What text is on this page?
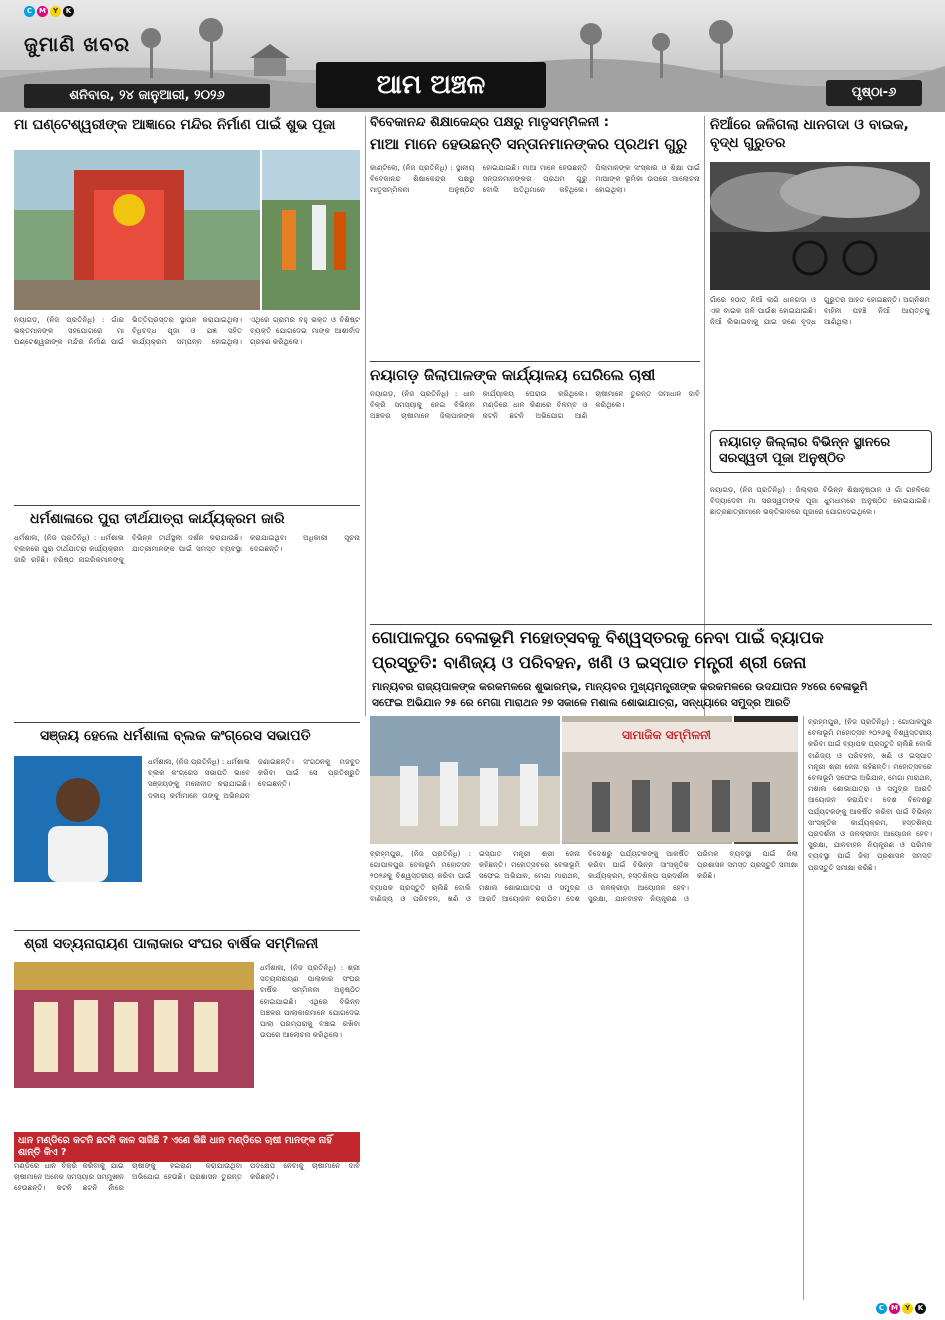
C M Y	K
ଜୁମାଣି ଖବର
ଶନିବାର, ୨୪ ଜାନୁଆରୀ, ୨୦୨୬	ଆମ ଅଞ୍ଚଳ	ପୃଷ୍ଠା-୬
ମା ଘଣ୍ଟେଶ୍ୱରୀଙ୍କ ଆଜ୍ଞାରେ ମନ୍ଦିର ନିର୍ମାଣ ପାଇଁ ଶୁଭ ପୂଜା
ନୟାଗଡ଼, (ନିଜ ପ୍ରତିନିଧି) : ଗାଁର ଭକ୍ତମାନଙ୍କ ସହଯୋଗରେ ମା ଘଣ୍ଟେଶ୍ୱରୀଙ୍କ ମନ୍ଦିର ନିର୍ମାଣ ପାଇଁ ଭିତ୍ତିପ୍ରସ୍ତର ସ୍ଥାପନ କରାଯାଇଥିଲା। ବିଧିବଦ୍ଧ ପୂଜା ଓ ଯଜ୍ଞ ସହିତ କାର୍ଯ୍ୟକ୍ରମ ସମ୍ପନ୍ନ ହୋଇଥିଲା। ଏଥିରେ ଗ୍ରାମର ବହୁ ଭକ୍ତ ଓ ବିଶିଷ୍ଟ ବ୍ୟକ୍ତି ଯୋଗଦେଇ ମାଙ୍କ ଆଶୀର୍ବାଦ ଗ୍ରହଣ କରିଥିଲେ।
ବିବେକାନନ୍ଦ ଶିକ୍ଷାକେନ୍ଦ୍ର ପକ୍ଷରୁ ମାତୃସମ୍ମିଳନୀ :
ମାଆ ମାନେ ହେଉଛନ୍ତି ସନ୍ତାନମାନଙ୍କର ପ୍ରଥମ ଗୁରୁ
କାଣ୍ଟିଲୋ, (ନିଜ ପ୍ରତିନିଧି) : ସ୍ଥାନୀୟ ବିବେକାନନ୍ଦ ଶିକ୍ଷାକେନ୍ଦ୍ର ପକ୍ଷରୁ ମାତୃସମ୍ମିଳନୀ ଅନୁଷ୍ଠିତ ହୋଇଯାଇଛି। ମାଆ ମାନେ ହେଉଛନ୍ତି ସନ୍ତାନମାନଙ୍କର ପ୍ରଥମ ଗୁରୁ ବୋଲି ଅତିଥିମାନେ କହିଥିଲେ। ପିଲାମାନଙ୍କ ସଂସ୍କାର ଓ ଶିକ୍ଷା ପାଇଁ ମାଆଙ୍କ ଭୂମିକା ଉପରେ ଆଲୋଚନା ହୋଇଥିଲା।
ନିଆଁରେ ଜଳିଗଲା ଧାନଗଦା ଓ ବାଇକ, ବୃଦ୍ଧ ଗୁରୁତର
ଗାଁରେ ହଠାତ୍ ନିଆଁ ଲାଗି ଧାନଗଦା ଓ ଏକ ବାଇକ ଜଳି ପାଉଁଶ ହୋଇଯାଇଛି। ନିଆଁ ଲିଭାଇବାକୁ ଯାଇ ଜଣେ ବୃଦ୍ଧ ଗୁରୁତର ଆହତ ହୋଇଛନ୍ତି। ଅଗ୍ନିଶମ ବାହିନୀ ପହଞ୍ଚି ନିଆଁ ଆୟତ୍ତକୁ ଆଣିଥିଲା।
ନୟାଗଡ଼ ଜିଲାପାଳଙ୍କ କାର୍ଯ୍ୟାଳୟ ଘେରିଲେ ଚାଷୀ
ନୟାଗଡ଼, (ନିଜ ପ୍ରତିନିଧି) : ଧାନ ବିକ୍ରି ସମସ୍ୟାକୁ ନେଇ ବିଭିନ୍ନ ଅଞ୍ଚଳର ଚାଷୀମାନେ ଜିଲାପାଳଙ୍କ କାର୍ଯ୍ୟାଳୟ ଘେରାଉ କରିଥିଲେ। ମଣ୍ଡିରେ ଧାନ କିଣାରେ ବିଳମ୍ବ ଓ କଟନି ଛଟନି ଅଭିଯୋଗ ଆଣି ଚାଷୀମାନେ ତୁରନ୍ତ ସମାଧାନ ଦାବି କରିଥିଲେ।
ନୟାଗଡ଼ ଜିଲ୍ଲାର ବିଭିନ୍ନ ସ୍ଥାନରେ ସରସ୍ୱତୀ ପୂଜା ଅନୁଷ୍ଠିତ
ନୟାଗଡ଼, (ନିଜ ପ୍ରତିନିଧି) : ଜିଲ୍ଲାର ବିଭିନ୍ନ ଶିକ୍ଷାନୁଷ୍ଠାନ ଓ ଗାଁ ଗହଳିରେ ବିଦ୍ୟାଦେବୀ ମା ସରସ୍ୱତୀଙ୍କ ପୂଜା ଧୁମଧାମରେ ଅନୁଷ୍ଠିତ ହୋଇଯାଇଛି। ଛାତ୍ରଛାତ୍ରୀମାନେ ଭକ୍ତିଭାବରେ ପୂଜାରେ ଯୋଗଦେଇଥିଲେ।
ଧର୍ମଶାଳାରେ ପୁରା ତୀର୍ଥଯାତ୍ରା କାର୍ଯ୍ୟକ୍ରମ ଜାରି
ଧର୍ମଶାଳା, (ନିଜ ପ୍ରତିନିଧି) : ଧର୍ମଶାଳା ବ୍ଲକରେ ପୁରା ତୀର୍ଥଯାତ୍ରା କାର୍ଯ୍ୟକ୍ରମ ଜାରି ରହିଛି। ବରିଷ୍ଠ ନାଗରିକମାନଙ୍କୁ ବିଭିନ୍ନ ତୀର୍ଥସ୍ଥଳୀ ଦର୍ଶନ କରାଯାଉଛି। ଯାତ୍ରୀମାନଙ୍କ ପାଇଁ ସମସ୍ତ ବ୍ୟବସ୍ଥା କରାଯାଇଥିବା ଅଧିକାରୀ ସୂଚନା ଦେଇଛନ୍ତି।
ଗୋପାଳପୁର ବେଳାଭୂମି ମହୋତ୍ସବକୁ ବିଶ୍ୱସ୍ତରକୁ ନେବା ପାଇଁ ବ୍ୟାପକ
ପ୍ରସ୍ତୁତି: ବାଣିଜ୍ୟ ଓ ପରିବହନ, ଖଣି ଓ ଇସ୍ପାତ ମନ୍ତ୍ରୀ ଶ୍ରୀ ଜେନା
ମାନ୍ୟବର ରାଜ୍ୟପାଳଙ୍କ କରକମଳରେ ଶୁଭାରମ୍ଭ, ମାନ୍ୟବର ମୁଖ୍ୟମନ୍ତ୍ରୀଙ୍କ କରକମଳରେ ଉଦଯାପନ ୨୪ରେ ବେଳାଭୂମି
ସଫେଇ ଅଭିଯାନ ୨୫ ରେ ମେଗା ମାରାଥନ ୨୭ ସକାଳେ ମଶାଲ ଶୋଭାଯାତ୍ରା, ସନ୍ଧ୍ୟାରେ ସମୁଦ୍ର ଆରତି
ସଞ୍ଜୟ ହେଲେ ଧର୍ମଶାଳା ବ୍ଲକ କଂଗ୍ରେସ ସଭାପତି
ଧର୍ମଶାଳା, (ନିଜ ପ୍ରତିନିଧି) : ଧର୍ମଶାଳା ବ୍ଲକ କଂଗ୍ରେସ ସଭାପତି ଭାବେ ସଞ୍ଜୟଙ୍କୁ ମନୋନୀତ କରାଯାଇଛି। ଦଳୀୟ କର୍ମୀମାନେ ତାଙ୍କୁ ଅଭିନନ୍ଦନ ଜଣାଇଛନ୍ତି। ସଂଗଠନକୁ ମଜବୁତ କରିବା ପାଇଁ ସେ ପ୍ରତିଶ୍ରୁତି ଦେଇଛନ୍ତି।
ଶ୍ରୀ ସତ୍ୟନାରାୟଣ ପାଲାକାର ସଂଘର ବାର୍ଷିକ ସମ୍ମିଳନୀ
ଧର୍ମଶାଳା, (ନିଜ ପ୍ରତିନିଧି) : ଶ୍ରୀ ସତ୍ୟନାରାୟଣ ପାଲାକାର ସଂଘର ବାର୍ଷିକ ସମ୍ମିଳନୀ ଅନୁଷ୍ଠିତ ହୋଇଯାଇଛି। ଏଥିରେ ବିଭିନ୍ନ ଅଞ୍ଚଳର ପାଲାକାରମାନେ ଯୋଗଦେଇ ପାଲା ପରମ୍ପରାକୁ ବଞ୍ଚାଇ ରଖିବା ଉପରେ ଆଲୋଚନା କରିଥିଲେ।
ଧାନ ମଣ୍ଡିରେ କଟନି ଛଟନି କାଳ ସାଜିଛି ? ଏଣେ କିଛି ଧାନ ମଣ୍ଡିରେ ଚାଷୀ ମାନଙ୍କ ନାହିଁ ଶାନ୍ତି କିଏ ?
ମଣ୍ଡିରେ ଧାନ ବିକ୍ରି କରିବାକୁ ଯାଇ ଚାଷୀମାନେ ଅନେକ ସମସ୍ୟାର ସମ୍ମୁଖୀନ ହେଉଛନ୍ତି। କଟନି ଛଟନି ନାଁରେ ଚାଷୀଙ୍କୁ ହଇରାଣ କରାଯାଉଥିବା ଅଭିଯୋଗ ହେଉଛି। ପ୍ରଶାସନ ତୁରନ୍ତ ପଦକ୍ଷେପ ନେବାକୁ ଚାଷୀମାନେ ଦାବି କରିଛନ୍ତି।
ସାମାଜିକ ସମ୍ମିଳନୀ
ବ୍ରହ୍ମପୁର, (ନିଜ ପ୍ରତିନିଧି) : ଗୋପାଳପୁର ବେଳାଭୂମି ମହୋତ୍ସବ ୨୦୨୬କୁ ବିଶ୍ୱସ୍ତରୀୟ କରିବା ପାଇଁ ବ୍ୟାପକ ପ୍ରସ୍ତୁତି ଚାଲିଛି ବୋଲି ବାଣିଜ୍ୟ ଓ ପରିବହନ, ଖଣି ଓ ଇସ୍ପାତ ମନ୍ତ୍ରୀ ଶ୍ରୀ ଜେନା କହିଛନ୍ତି। ମହୋତ୍ସବରେ ବେଳାଭୂମି ସଫେଇ ଅଭିଯାନ, ମେଗା ମାରାଥନ, ମଶାଲ ଶୋଭାଯାତ୍ରା ଓ ସମୁଦ୍ର ଆରତି ଆୟୋଜନ କରାଯିବ। ଦେଶ ବିଦେଶରୁ ପର୍ଯ୍ୟଟକଙ୍କୁ ଆକର୍ଷିତ କରିବା ପାଇଁ ବିଭିନ୍ନ ସାଂସ୍କୃତିକ କାର୍ଯ୍ୟକ୍ରମ, ହସ୍ତଶିଳ୍ପ ପ୍ରଦର୍ଶନୀ ଓ ଜଳକ୍ରୀଡ଼ା ଆୟୋଜନ ହେବ। ସୁରକ୍ଷା, ଯାନବାହନ ନିୟନ୍ତ୍ରଣ ଓ ପରିମଳ ବ୍ୟବସ୍ଥା ପାଇଁ ଜିଲା ପ୍ରଶାସନ ସମସ୍ତ ପ୍ରସ୍ତୁତି ସମୀକ୍ଷା କରିଛି।
ବ୍ରହ୍ମପୁର, (ନିଜ ପ୍ରତିନିଧି) : ଗୋପାଳପୁର ବେଳାଭୂମି ମହୋତ୍ସବ ୨୦୨୬କୁ ବିଶ୍ୱସ୍ତରୀୟ କରିବା ପାଇଁ ବ୍ୟାପକ ପ୍ରସ୍ତୁତି ଚାଲିଛି ବୋଲି ବାଣିଜ୍ୟ ଓ ପରିବହନ, ଖଣି ଓ ଇସ୍ପାତ ମନ୍ତ୍ରୀ ଶ୍ରୀ ଜେନା କହିଛନ୍ତି। ମହୋତ୍ସବରେ ବେଳାଭୂମି ସଫେଇ ଅଭିଯାନ, ମେଗା ମାରାଥନ, ମଶାଲ ଶୋଭାଯାତ୍ରା ଓ ସମୁଦ୍ର ଆରତି ଆୟୋଜନ କରାଯିବ। ଦେଶ ବିଦେଶରୁ ପର୍ଯ୍ୟଟକଙ୍କୁ ଆକର୍ଷିତ କରିବା ପାଇଁ ବିଭିନ୍ନ ସାଂସ୍କୃତିକ କାର୍ଯ୍ୟକ୍ରମ, ହସ୍ତଶିଳ୍ପ ପ୍ରଦର୍ଶନୀ ଓ ଜଳକ୍ରୀଡ଼ା ଆୟୋଜନ ହେବ। ସୁରକ୍ଷା, ଯାନବାହନ ନିୟନ୍ତ୍ରଣ ଓ ପରିମଳ ବ୍ୟବସ୍ଥା ପାଇଁ ଜିଲା ପ୍ରଶାସନ ସମସ୍ତ ପ୍ରସ୍ତୁତି ସମୀକ୍ଷା କରିଛି।
C M Y	K
